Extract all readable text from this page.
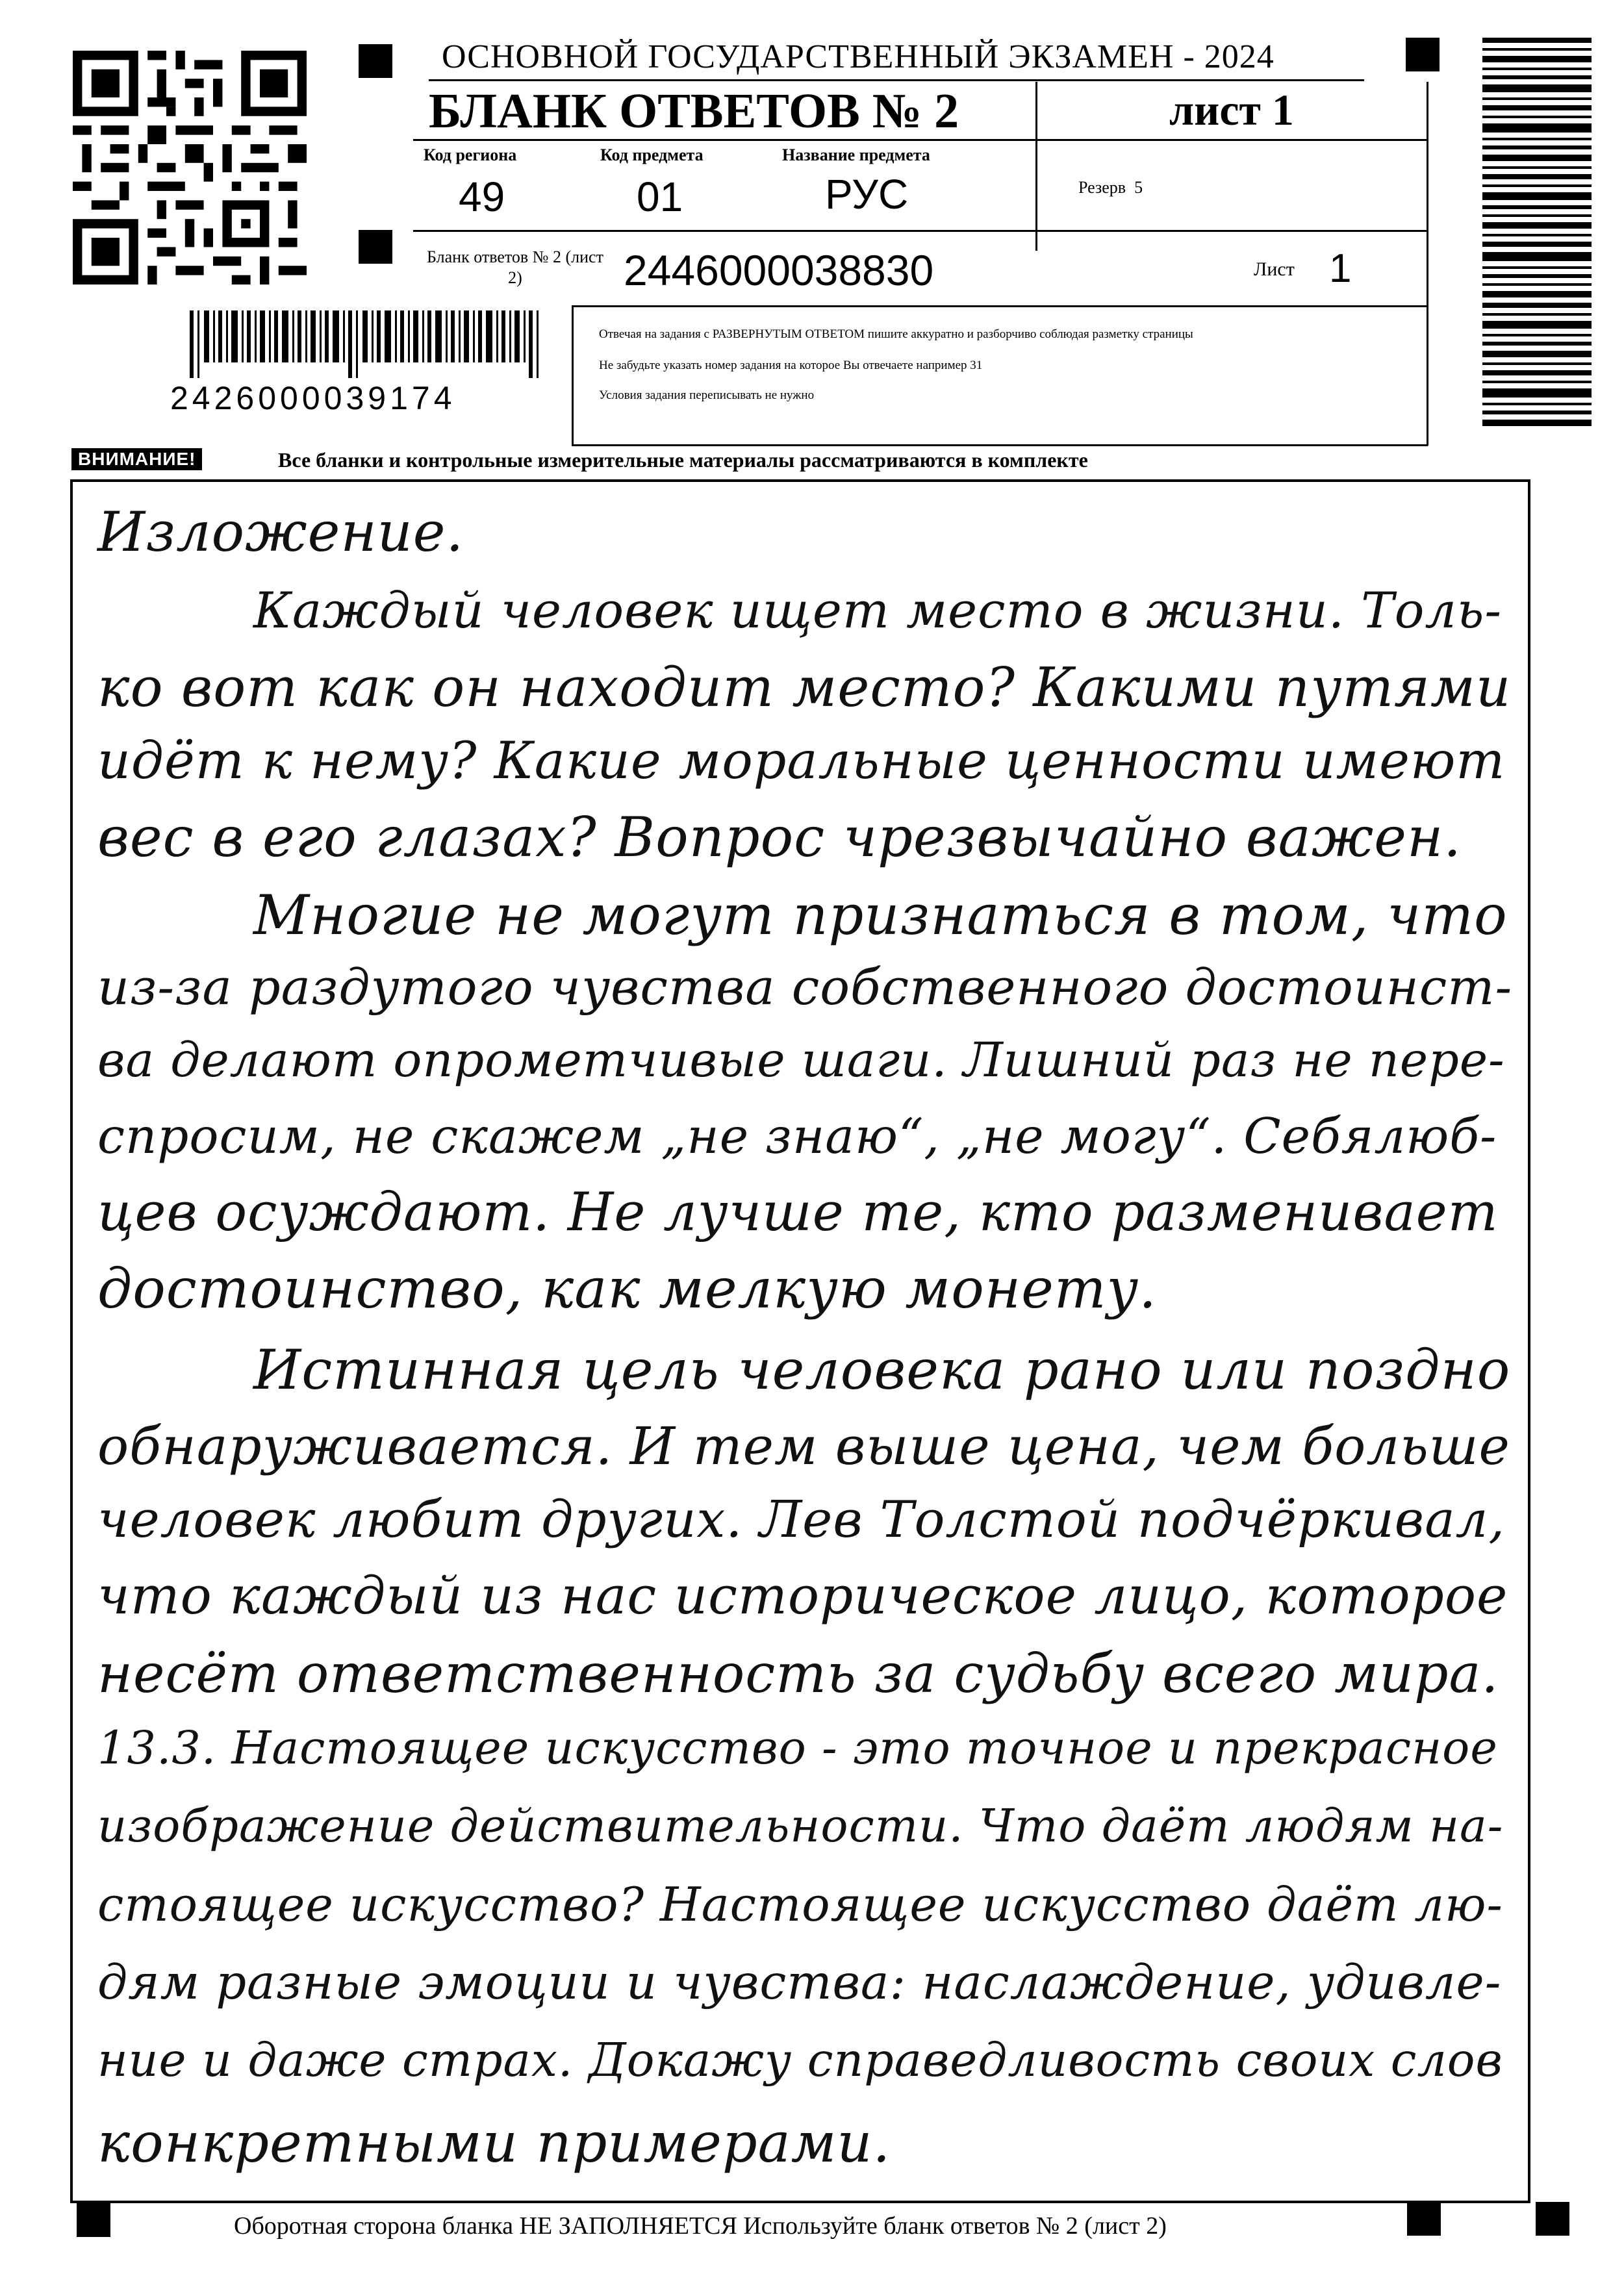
ОСНОВНОЙ ГОСУДАРСТВЕННЫЙ ЭКЗАМЕН - 2024
БЛАНК ОТВЕТОВ № 2	лист 1
Код региона
49
Код предмета
01
Название предмета
РУС	Резерв 5
Бланк ответов № 2 (лист 2)	2446000038830	Лист 1
Отвечая на задания с РАЗВЕРНУТЫМ ОТВЕТОМ пишите аккуратно и разборчиво соблюдая разметку страницы
Не забудьте указать номер задания на которое Вы отвечаете например 31
Условия задания переписывать не нужно
2426000039174
ВНИМАНИЕ!	Все бланки и контрольные измерительные материалы рассматриваются в комплекте
Изложение.
Каждый человек ищет место в жизни. Толь-
ко вот как он находит место? Какими путями
идёт к нему? Какие моральные ценности имеют
вес в его глазах? Вопрос чрезвычайно важен.
Многие не могут признаться в том, что
из-за раздутого чувства собственного достоинст-
ва делают опрометчивые шаги. Лишний раз не пере-
спросим, не скажем „не знаю“, „не могу“. Себялюб-
цев осуждают. Не лучше те, кто разменивает
достоинство, как мелкую монету.
Истинная цель человека рано или поздно
обнаруживается. И тем выше цена, чем больше
человек любит других. Лев Толстой подчёркивал,
что каждый из нас историческое лицо, которое
несёт ответственность за судьбу всего мира.
13.3. Настоящее искусство - это точное и прекрасное
изображение действительности. Что даёт людям на-
стоящее искусство? Настоящее искусство даёт лю-
дям разные эмоции и чувства: наслаждение, удивле-
ние и даже страх. Докажу справедливость своих слов
конкретными примерами.
Оборотная сторона бланка НЕ ЗАПОЛНЯЕТСЯ Используйте бланк ответов № 2 (лист 2)
